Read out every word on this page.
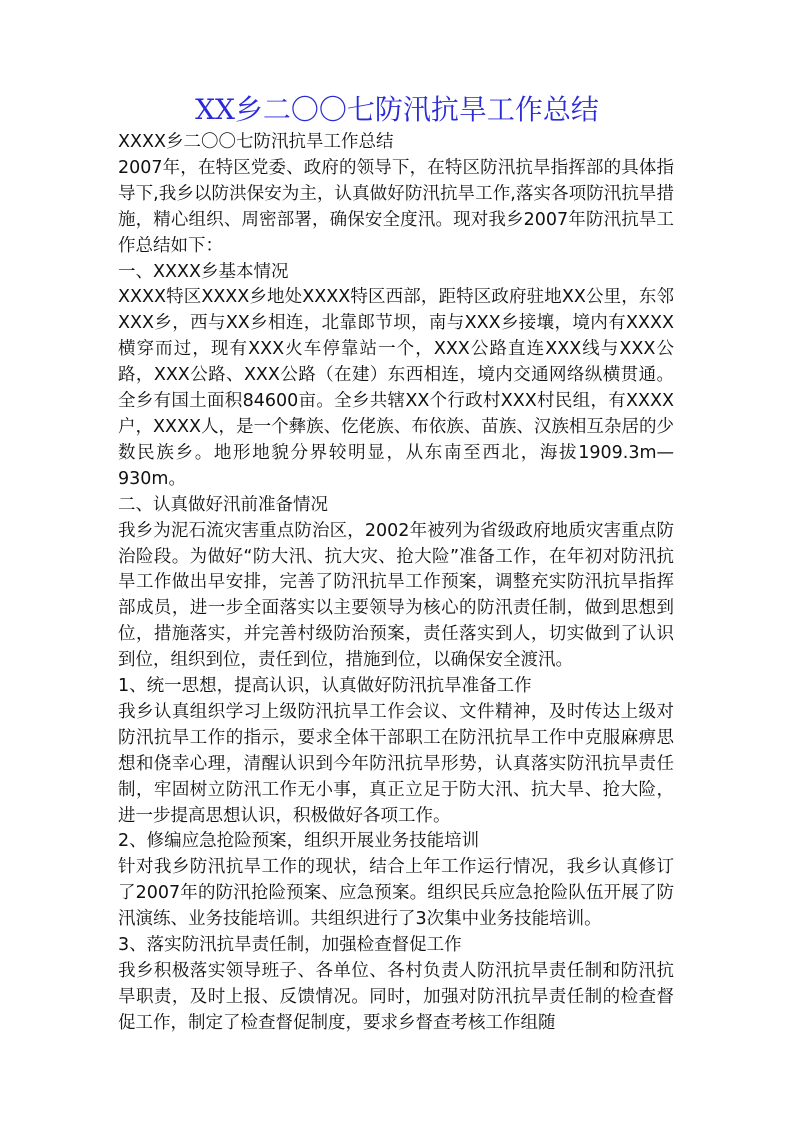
XX乡二〇〇七防汛抗旱工作总结

XXXX乡二〇〇七防汛抗旱工作总结

2007年，在特区党委、政府的领导下，在特区防汛抗旱指挥部的具体指导下,我乡以防洪保安为主，认真做好防汛抗旱工作,落实各项防汛抗旱措施，精心组织、周密部署，确保安全度汛。现对我乡2007年防汛抗旱工作总结如下：

一、XXXX乡基本情况

XXXX特区XXXX乡地处XXXX特区西部，距特区政府驻地XX公里，东邻XXX乡，西与XX乡相连，北靠郎节坝，南与XXX乡接壤，境内有XXXX横穿而过，现有XXX火车停靠站一个，XXX公路直连XXX线与XXX公路，XXX公路、XXX公路（在建）东西相连，境内交通网络纵横贯通。全乡有国土面积84600亩。全乡共辖XX个行政村XXX村民组，有XXXX户，XXXX人，是一个彝族、仡佬族、布依族、苗族、汉族相互杂居的少数民族乡。地形地貌分界较明显，从东南至西北，海拔1909.3m—930m。

二、认真做好汛前准备情况

我乡为泥石流灾害重点防治区，2002年被列为省级政府地质灾害重点防治险段。为做好“防大汛、抗大灾、抢大险”准备工作，在年初对防汛抗旱工作做出早安排，完善了防汛抗旱工作预案，调整充实防汛抗旱指挥部成员，进一步全面落实以主要领导为核心的防汛责任制，做到思想到位，措施落实，并完善村级防治预案，责任落实到人，切实做到了认识到位，组织到位，责任到位，措施到位，以确保安全渡汛。

1、统一思想，提高认识，认真做好防汛抗旱准备工作

我乡认真组织学习上级防汛抗旱工作会议、文件精神，及时传达上级对防汛抗旱工作的指示，要求全体干部职工在防汛抗旱工作中克服麻痹思想和侥幸心理，清醒认识到今年防汛抗旱形势，认真落实防汛抗旱责任制，牢固树立防汛工作无小事，真正立足于防大汛、抗大旱、抢大险，进一步提高思想认识，积极做好各项工作。

2、修编应急抢险预案，组织开展业务技能培训

针对我乡防汛抗旱工作的现状，结合上年工作运行情况，我乡认真修订了2007年的防汛抢险预案、应急预案。组织民兵应急抢险队伍开展了防汛演练、业务技能培训。共组织进行了3次集中业务技能培训。

3、落实防汛抗旱责任制，加强检查督促工作

我乡积极落实领导班子、各单位、各村负责人防汛抗旱责任制和防汛抗旱职责，及时上报、反馈情况。同时，加强对防汛抗旱责任制的检查督促工作，制定了检查督促制度，要求乡督查考核工作组随
